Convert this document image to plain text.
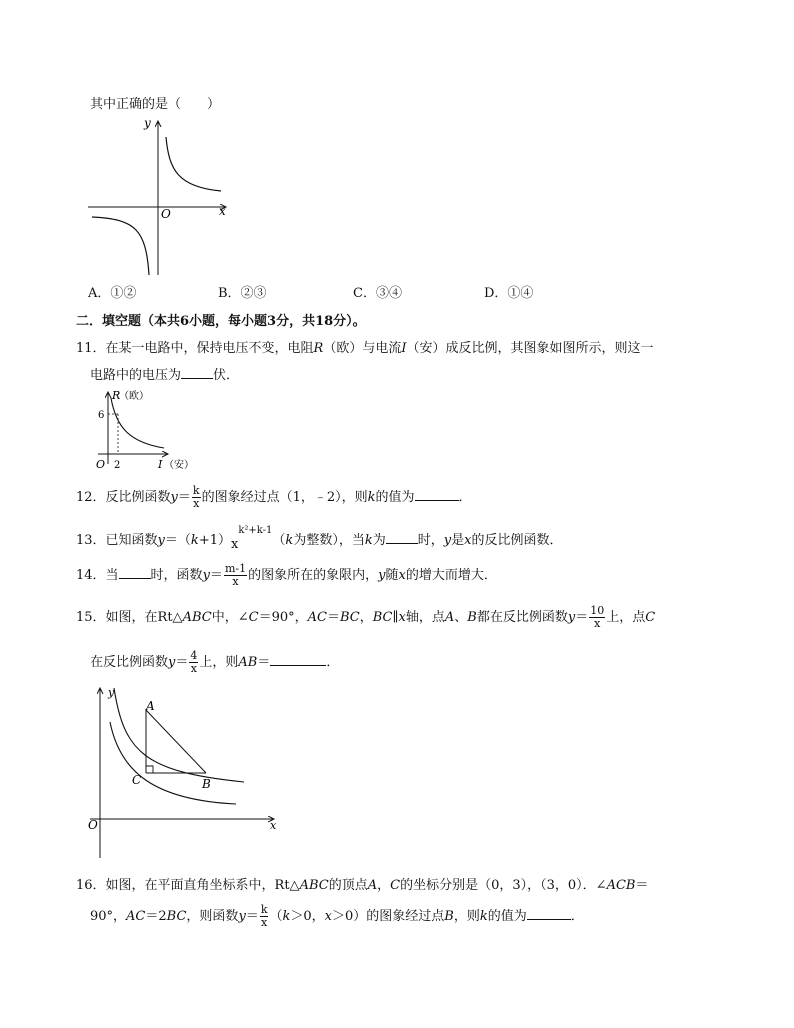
其中正确的是（　　）
y
x
O
A．①②	B．②③	C．③④	D．①④
二．填空题（本共6小题，每小题3分，共18分）。
11．在某一电路中，保持电压不变，电阻R（欧）与电流I（安）成反比例，其图象如图所示，则这一
电路中的电压为 伏．
R
（欧）
6
O 2	I （安）
12．反比例函数$y= \frac{k}{x}$ 的图象经过点（1，﹣2），则k的值为	．
13．已知函数$y=(k+1)x^{k^2+k-1}(k$为整数），当k为 时，y是x的反比例函数．
14．当 时，函数$y= \frac{m-1}{x}$ 的图象所在的象限内，y随x的增大而增大．
15．如图，在Rt△ABC中，∠C＝90°，AC＝BC，BC∥x轴，点A、B都在反比例函数$y= \frac{10}{x}$ 上，点C
在反比例函数$y= \frac{4}{x}$ 上，则AB＝	．
y
x
O
A
B
C
16．如图，在平面直角坐标系中，Rt△ABC的顶点A，C的坐标分别是（0，3），（3，0）．∠ACB＝
90°，AC＝2BC，则函数$y= \frac{k}{x} (k>0$，x＞0）的图象经过点B，则k的值为	．
